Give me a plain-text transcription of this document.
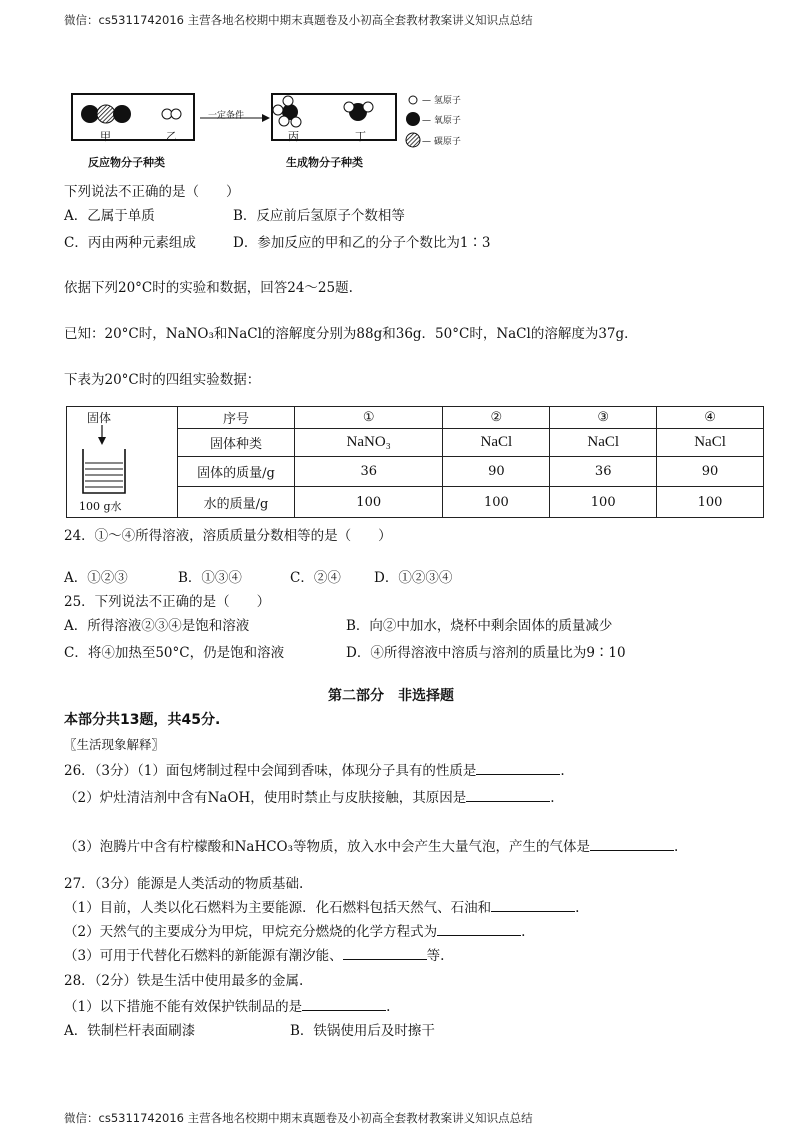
微信：cs5311742016 主营各地名校期中期末真题卷及小初高全套教材教案讲义知识点总结
一定条件
甲	乙	丙	丁
反应物分子种类	生成物分子种类
— 氢原子
— 氧原子
— 碳原子
下列说法不正确的是（　　）
A．乙属于单质	B．反应前后氢原子个数相等
C．丙由两种元素组成	D．参加反应的甲和乙的分子个数比为1∶3
依据下列20°C时的实验和数据，回答24～25题.
已知：20°C时，NaNO₃和NaCl的溶解度分别为88g和36g．50°C时，NaCl的溶解度为37g．
下表为20°C时的四组实验数据：
固体
100 g水	序号	①	②	③	④
	固体种类	NaNO₃	NaCl	NaCl	NaCl
	固体的质量/g	36	90	36	90
	水的质量/g	100	100	100	100
24．①～④所得溶液，溶质质量分数相等的是（　　）
A．①②③	B．①③④	C．②④ D．①②③④
25．下列说法不正确的是（　　）
A．所得溶液②③④是饱和溶液	B．向②中加水，烧杯中剩余固体的质量减少
C．将④加热至50°C，仍是饱和溶液	D．④所得溶液中溶质与溶剂的质量比为9∶10
第二部分　非选择题
本部分共13题，共45分.
〖生活现象解释〗
26．（3分）（1）面包烤制过程中会闻到香味，体现分子具有的性质是	.
（2）炉灶清洁剂中含有NaOH，使用时禁止与皮肤接触，其原因是	.
（3）泡腾片中含有柠檬酸和NaHCO₃等物质，放入水中会产生大量气泡，产生的气体是	.
27．（3分）能源是人类活动的物质基础.
（1）目前，人类以化石燃料为主要能源．化石燃料包括天然气、石油和	.
（2）天然气的主要成分为甲烷，甲烷充分燃烧的化学方程式为	.
（3）可用于代替化石燃料的新能源有潮汐能、	等.
28．（2分）铁是生活中使用最多的金属.
（1）以下措施不能有效保护铁制品的是	.
A．铁制栏杆表面刷漆	B．铁锅使用后及时擦干
微信：cs5311742016 主营各地名校期中期末真题卷及小初高全套教材教案讲义知识点总结
